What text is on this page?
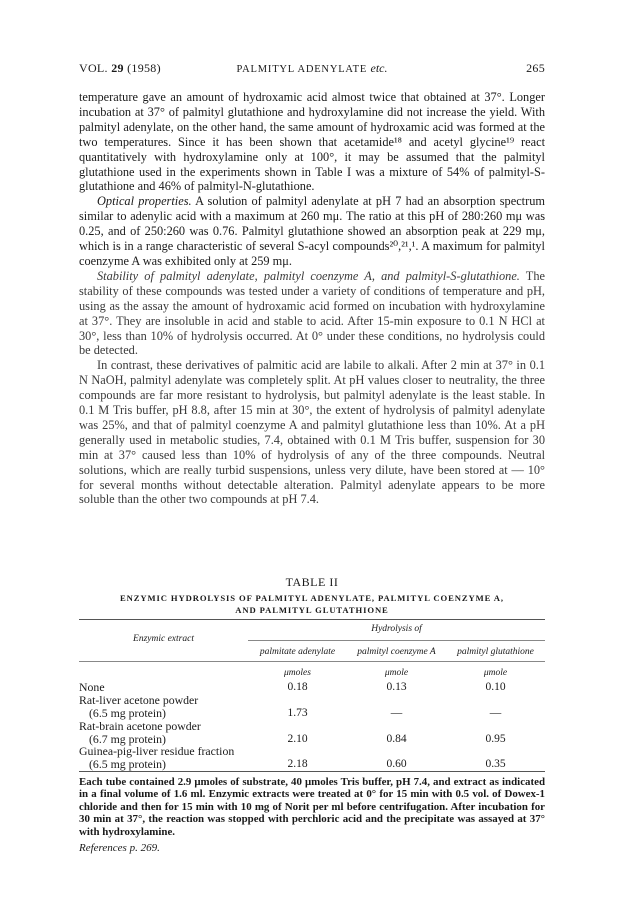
VOL. 29 (1958)	PALMITYL ADENYLATE etc.	265

temperature gave an amount of hydroxamic acid almost twice that obtained at 37°. Longer incubation at 37° of palmityl glutathione and hydroxylamine did not increase the yield. With palmityl adenylate, on the other hand, the same amount of hydroxamic acid was formed at the two temperatures. Since it has been shown that acetamide¹⁸ and acetyl glycine¹⁹ react quantitatively with hydroxylamine only at 100°, it may be assumed that the palmityl glutathione used in the experiments shown in Table I was a mixture of 54% of palmityl-S-glutathione and 46% of palmityl-N-glutathione.

Optical properties. A solution of palmityl adenylate at pH 7 had an absorption spectrum similar to adenylic acid with a maximum at 260 mμ. The ratio at this pH of 280:260 mμ was 0.25, and of 250:260 was 0.76. Palmityl glutathione showed an absorption peak at 229 mμ, which is in a range characteristic of several S-acyl compounds²⁰,²¹,¹. A maximum for palmityl coenzyme A was exhibited only at 259 mμ.

Stability of palmityl adenylate, palmityl coenzyme A, and palmityl-S-glutathione. The stability of these compounds was tested under a variety of conditions of temperature and pH, using as the assay the amount of hydroxamic acid formed on incubation with hydroxylamine at 37°. They are insoluble in acid and stable to acid. After 15-min exposure to 0.1 N HCl at 30°, less than 10% of hydrolysis occurred. At 0° under these conditions, no hydrolysis could be detected.

In contrast, these derivatives of palmitic acid are labile to alkali. After 2 min at 37° in 0.1 N NaOH, palmityl adenylate was completely split. At pH values closer to neutrality, the three compounds are far more resistant to hydrolysis, but palmityl adenylate is the least stable. In 0.1 M Tris buffer, pH 8.8, after 15 min at 30°, the extent of hydrolysis of palmityl adenylate was 25%, and that of palmityl coenzyme A and palmityl glutathione less than 10%. At a pH generally used in metabolic studies, 7.4, obtained with 0.1 M Tris buffer, suspension for 30 min at 37° caused less than 10% of hydrolysis of any of the three compounds. Neutral solutions, which are really turbid suspensions, unless very dilute, have been stored at — 10° for several months without detectable alteration. Palmityl adenylate appears to be more soluble than the other two compounds at pH 7.4.

TABLE II
ENZYMIC HYDROLYSIS OF PALMITYL ADENYLATE, PALMITYL COENZYME A,
AND PALMITYL GLUTATHIONE
Hydrolysis of
Enzymic extract
palmitate adenylate	palmityl coenzyme A	palmityl glutathione
μmoles	μmole	μmole
None	0.18	0.13	0.10
Rat-liver acetone powder
(6.5 mg protein)	1.73	—	—
Rat-brain acetone powder
(6.7 mg protein)	2.10	0.84	0.95
Guinea-pig-liver residue fraction
(6.5 mg protein)	2.18	0.60	0.35
Each tube contained 2.9 μmoles of substrate, 40 μmoles Tris buffer, pH 7.4, and extract as indicated in a final volume of 1.6 ml. Enzymic extracts were treated at 0° for 15 min with 0.5 vol. of Dowex-1 chloride and then for 15 min with 10 mg of Norit per ml before centrifugation. After incubation for 30 min at 37°, the reaction was stopped with perchloric acid and the precipitate was assayed at 37° with hydroxylamine.
References p. 269.
